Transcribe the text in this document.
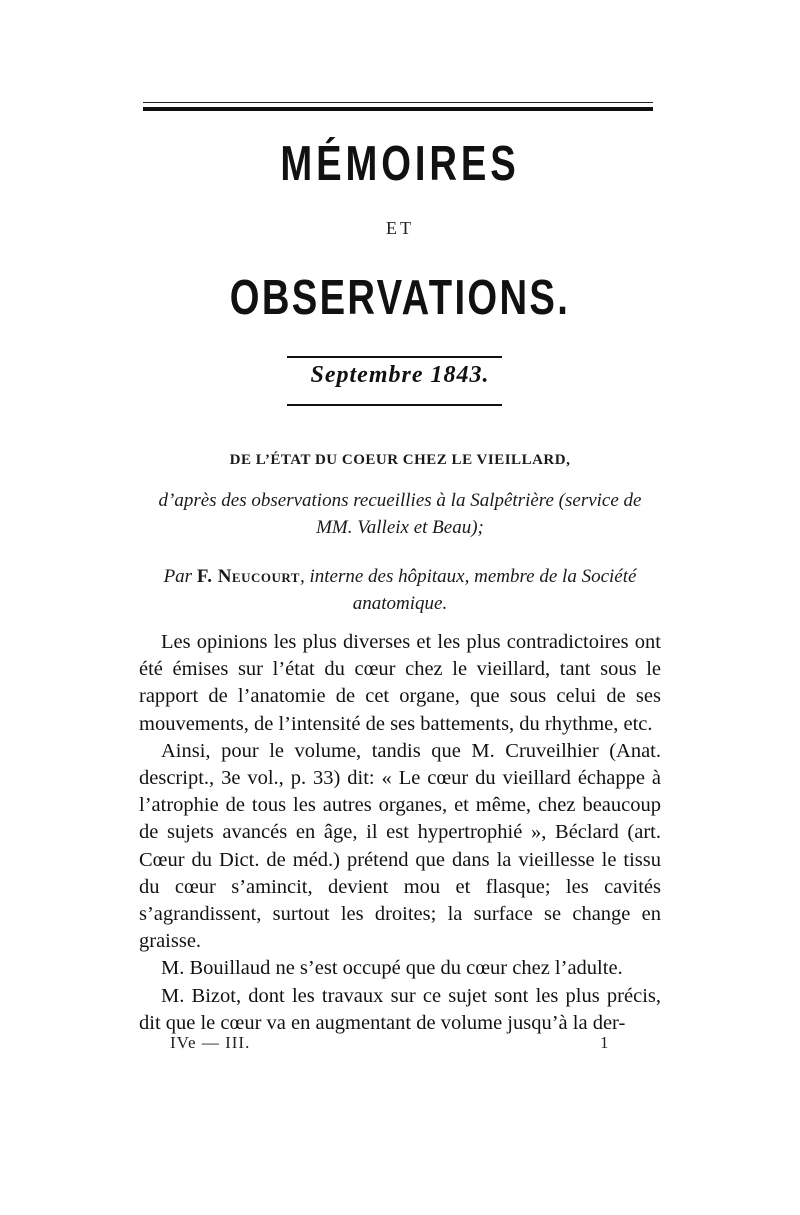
MÉMOIRES
ET
OBSERVATIONS.
Septembre 1843.
DE L’ÉTAT DU COEUR CHEZ LE VIEILLARD,
d’après des observations recueillies à la Salpêtrière (service de MM. Valleix et Beau);
Par F. Neucourt, interne des hôpitaux, membre de la Société anatomique.

Les opinions les plus diverses et les plus contradictoires ont été émises sur l’état du cœur chez le vieillard, tant sous le rapport de l’anatomie de cet organe, que sous celui de ses mouvements, de l’intensité de ses battements, du rhythme, etc.

Ainsi, pour le volume, tandis que M. Cruveilhier (Anat. descript., 3e vol., p. 33) dit: « Le cœur du vieillard échappe à l’atrophie de tous les autres organes, et même, chez beaucoup de sujets avancés en âge, il est hypertrophié », Béclard (art. Cœur du Dict. de méd.) prétend que dans la vieillesse le tissu du cœur s’amincit, devient mou et flasque; les cavités s’agrandissent, surtout les droites; la surface se change en graisse.

M. Bouillaud ne s’est occupé que du cœur chez l’adulte.

M. Bizot, dont les travaux sur ce sujet sont les plus précis, dit que le cœur va en augmentant de volume jusqu’à la der-

IVe — III.	1
